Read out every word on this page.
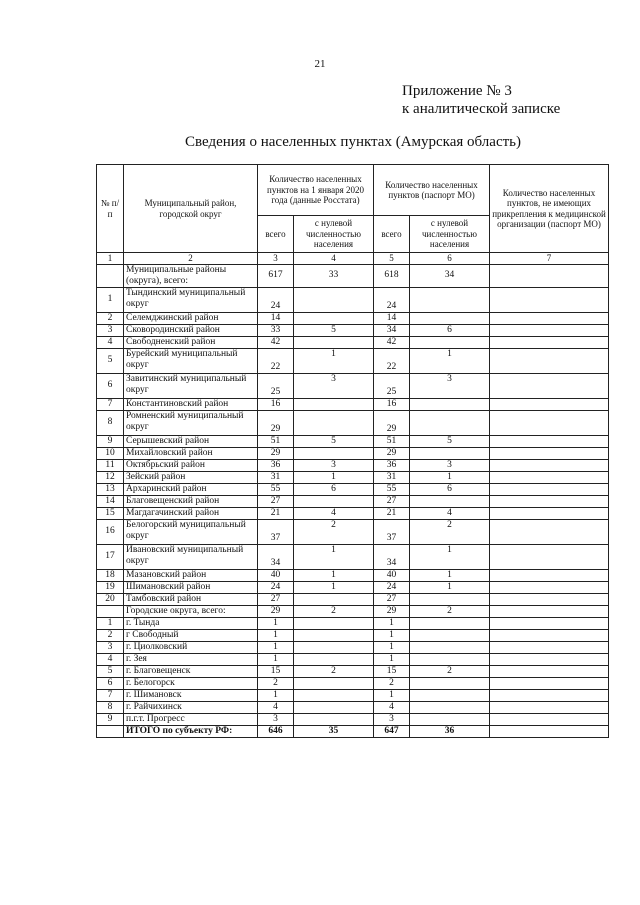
21
Приложение № 3
к аналитической записке
Сведения о населенных пунктах (Амурская область)
№ п/п	Муниципальный район, городской округ	Количество населенных пунктов на 1 января 2020 года (данные Росстата)		Количество населенных пунктов (паспорт МО)		Количество населенных пунктов, не имеющих прикрепления к медицинской организации (паспорт МО)
		всего	с нулевой численностью населения	всего	с нулевой численностью населения	
1	2	3	4	5	6	7
	Муниципальные районы (округа), всего:	617	33	618	34	
1	Тындинский муниципальный округ	24		24		
2	Селемджинский район	14		14		
3	Сковородинский район	33	5	34	6	
4	Свободненский район	42		42		
5	Бурейский муниципальный округ	22	1	22	1	
6	Завитинский муниципальный округ	25	3	25	3	
7	Константиновский район	16		16		
8	Ромненский муниципальный округ	29		29		
9	Серышевский район	51	5	51	5	
10	Михайловский район	29		29		
11	Октябрьский район	36	3	36	3	
12	Зейский район	31	1	31	1	
13	Архаринский район	55	6	55	6	
14	Благовещенский район	27		27		
15	Магдагачинский район	21	4	21	4	
16	Белогорский муниципальный округ	37	2	37	2	
17	Ивановский муниципальный округ	34	1	34	1	
18	Мазановский район	40	1	40	1	
19	Шимановский район	24	1	24	1	
20	Тамбовский район	27		27		
	Городские округа, всего:	29	2	29	2	
1	г. Тында	1		1		
2	г Свободный	1		1		
3	г. Циолковский	1		1		
4	г. Зея	1		1		
5	г. Благовещенск	15	2	15	2	
6	г. Белогорск	2		2		
7	г. Шимановск	1		1		
8	г. Райчихинск	4		4		
9	п.г.т. Прогресс	3		3		
	ИТОГО по субъекту РФ:	646	35	647	36	
